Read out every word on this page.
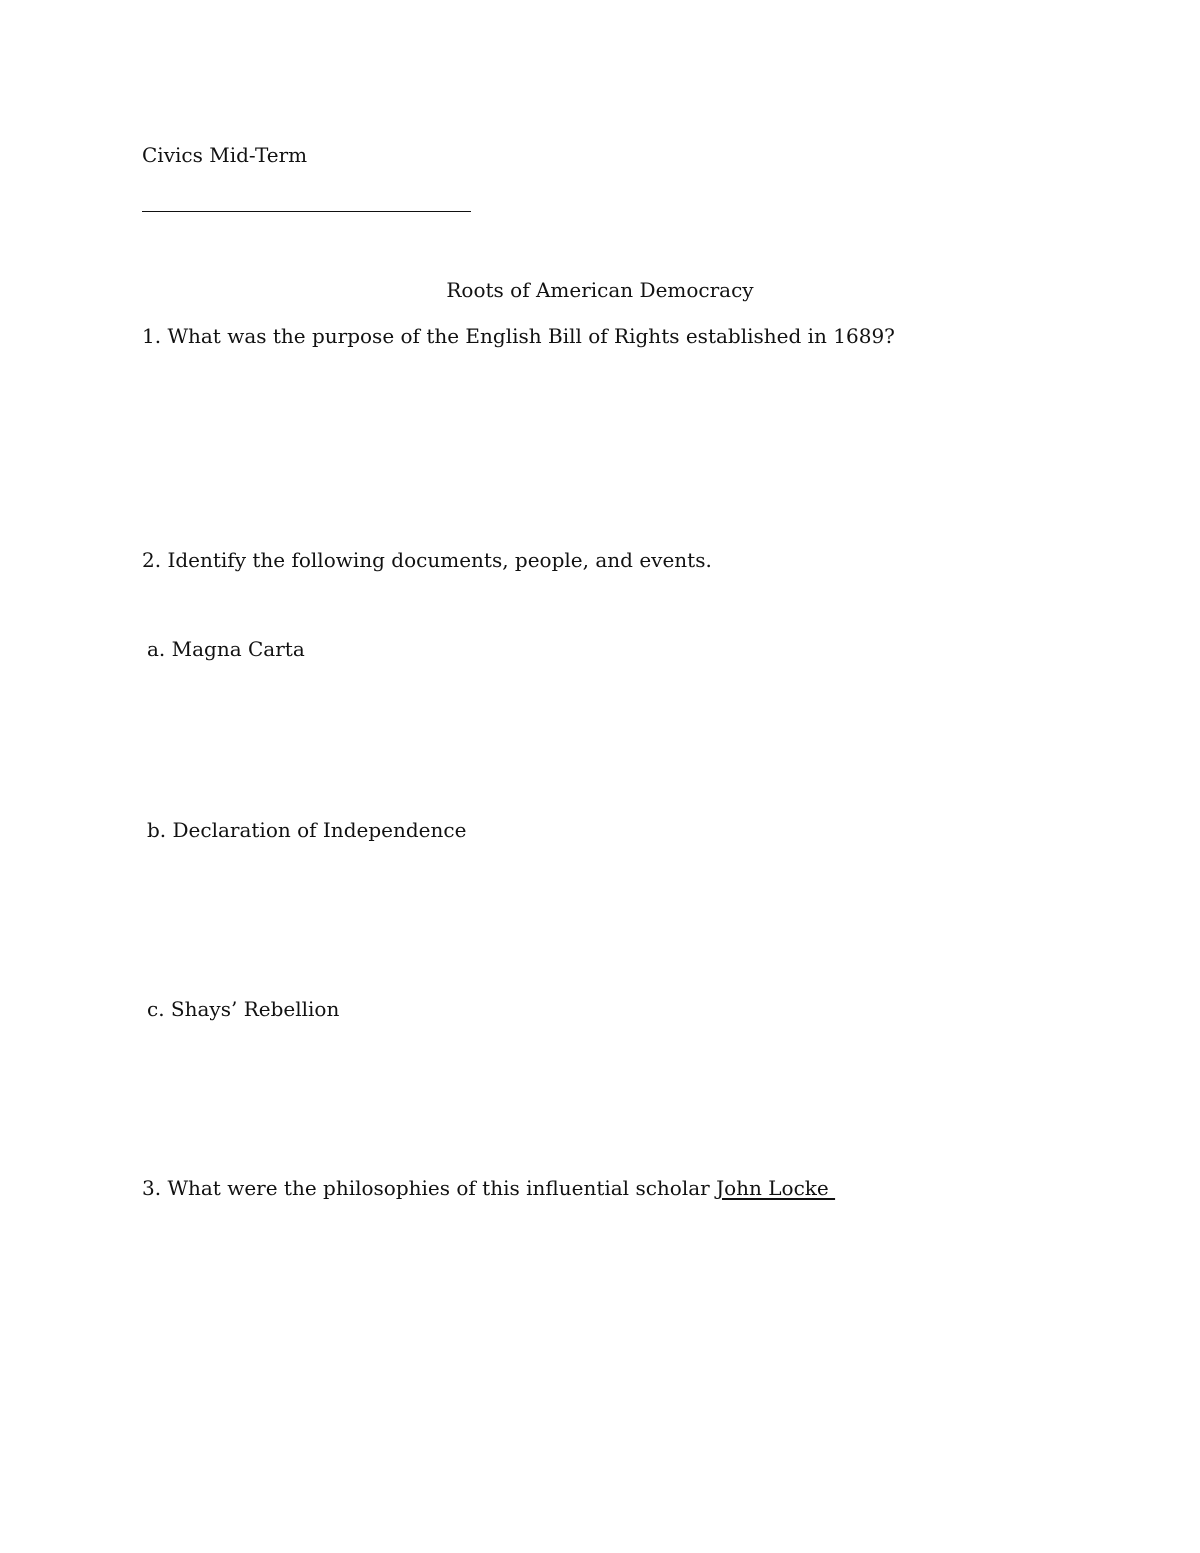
Civics Mid-Term
Roots of American Democracy
1. What was the purpose of the English Bill of Rights established in 1689?
2. Identify the following documents, people, and events.
a. Magna Carta
b. Declaration of Independence
c. Shays’ Rebellion
3. What were the philosophies of this influential scholar John Locke
